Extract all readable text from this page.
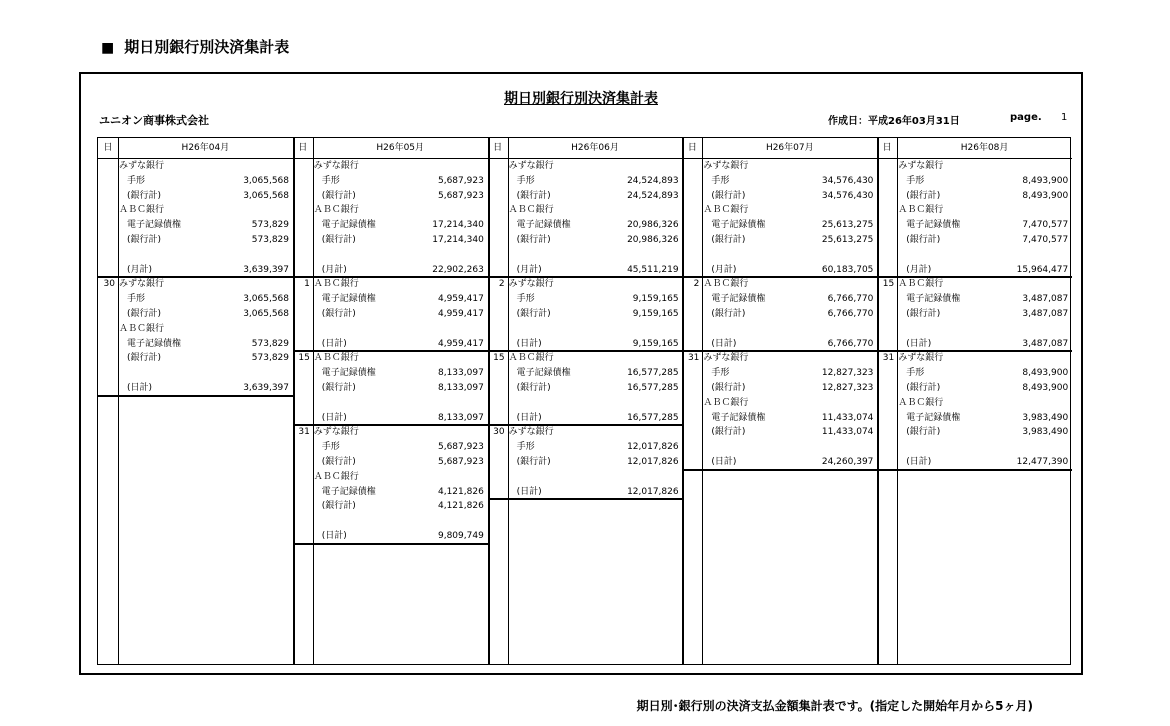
■ 期日別銀行別決済集計表
期日別銀行別決済集計表
ユニオン商事株式会社	作成日：平成26年03月31日	page. 1
日	H26年04月
みずな銀行
手形	3,065,568
(銀行計)	3,065,568
ＡＢＣ銀行
電子記録債権	573,829
(銀行計)	573,829
(月計)	3,639,397
30 みずな銀行
手形	3,065,568
(銀行計)	3,065,568
ＡＢＣ銀行
電子記録債権	573,829
(銀行計)	573,829
(日計)	3,639,397
日	H26年05月
みずな銀行
手形	5,687,923
(銀行計)	5,687,923
ＡＢＣ銀行
電子記録債権	17,214,340
(銀行計)	17,214,340
(月計)	22,902,263
1 ＡＢＣ銀行
電子記録債権	4,959,417
(銀行計)	4,959,417
(日計)	4,959,417
15 ＡＢＣ銀行
電子記録債権	8,133,097
(銀行計)	8,133,097
(日計)	8,133,097
31 みずな銀行
手形	5,687,923
(銀行計)	5,687,923
ＡＢＣ銀行
電子記録債権	4,121,826
(銀行計)	4,121,826
(日計)	9,809,749
日	H26年06月
みずな銀行
手形	24,524,893
(銀行計)	24,524,893
ＡＢＣ銀行
電子記録債権	20,986,326
(銀行計)	20,986,326
(月計)	45,511,219
2 みずな銀行
手形	9,159,165
(銀行計)	9,159,165
(日計)	9,159,165
15 ＡＢＣ銀行
電子記録債権	16,577,285
(銀行計)	16,577,285
(日計)	16,577,285
30 みずな銀行
手形	12,017,826
(銀行計)	12,017,826
(日計)	12,017,826
日	H26年07月
みずな銀行
手形	34,576,430
(銀行計)	34,576,430
ＡＢＣ銀行
電子記録債権	25,613,275
(銀行計)	25,613,275
(月計)	60,183,705
2 ＡＢＣ銀行
電子記録債権	6,766,770
(銀行計)	6,766,770
(日計)	6,766,770
31 みずな銀行
手形	12,827,323
(銀行計)	12,827,323
ＡＢＣ銀行
電子記録債権	11,433,074
(銀行計)	11,433,074
(日計)	24,260,397
日	H26年08月
みずな銀行
手形	8,493,900
(銀行計)	8,493,900
ＡＢＣ銀行
電子記録債権	7,470,577
(銀行計)	7,470,577
(月計)	15,964,477
15 ＡＢＣ銀行
電子記録債権	3,487,087
(銀行計)	3,487,087
(日計)	3,487,087
31 みずな銀行
手形	8,493,900
(銀行計)	8,493,900
ＡＢＣ銀行
電子記録債権	3,983,490
(銀行計)	3,983,490
(日計)	12,477,390
期日別･銀行別の決済支払金額集計表です。(指定した開始年月から5ヶ月)
